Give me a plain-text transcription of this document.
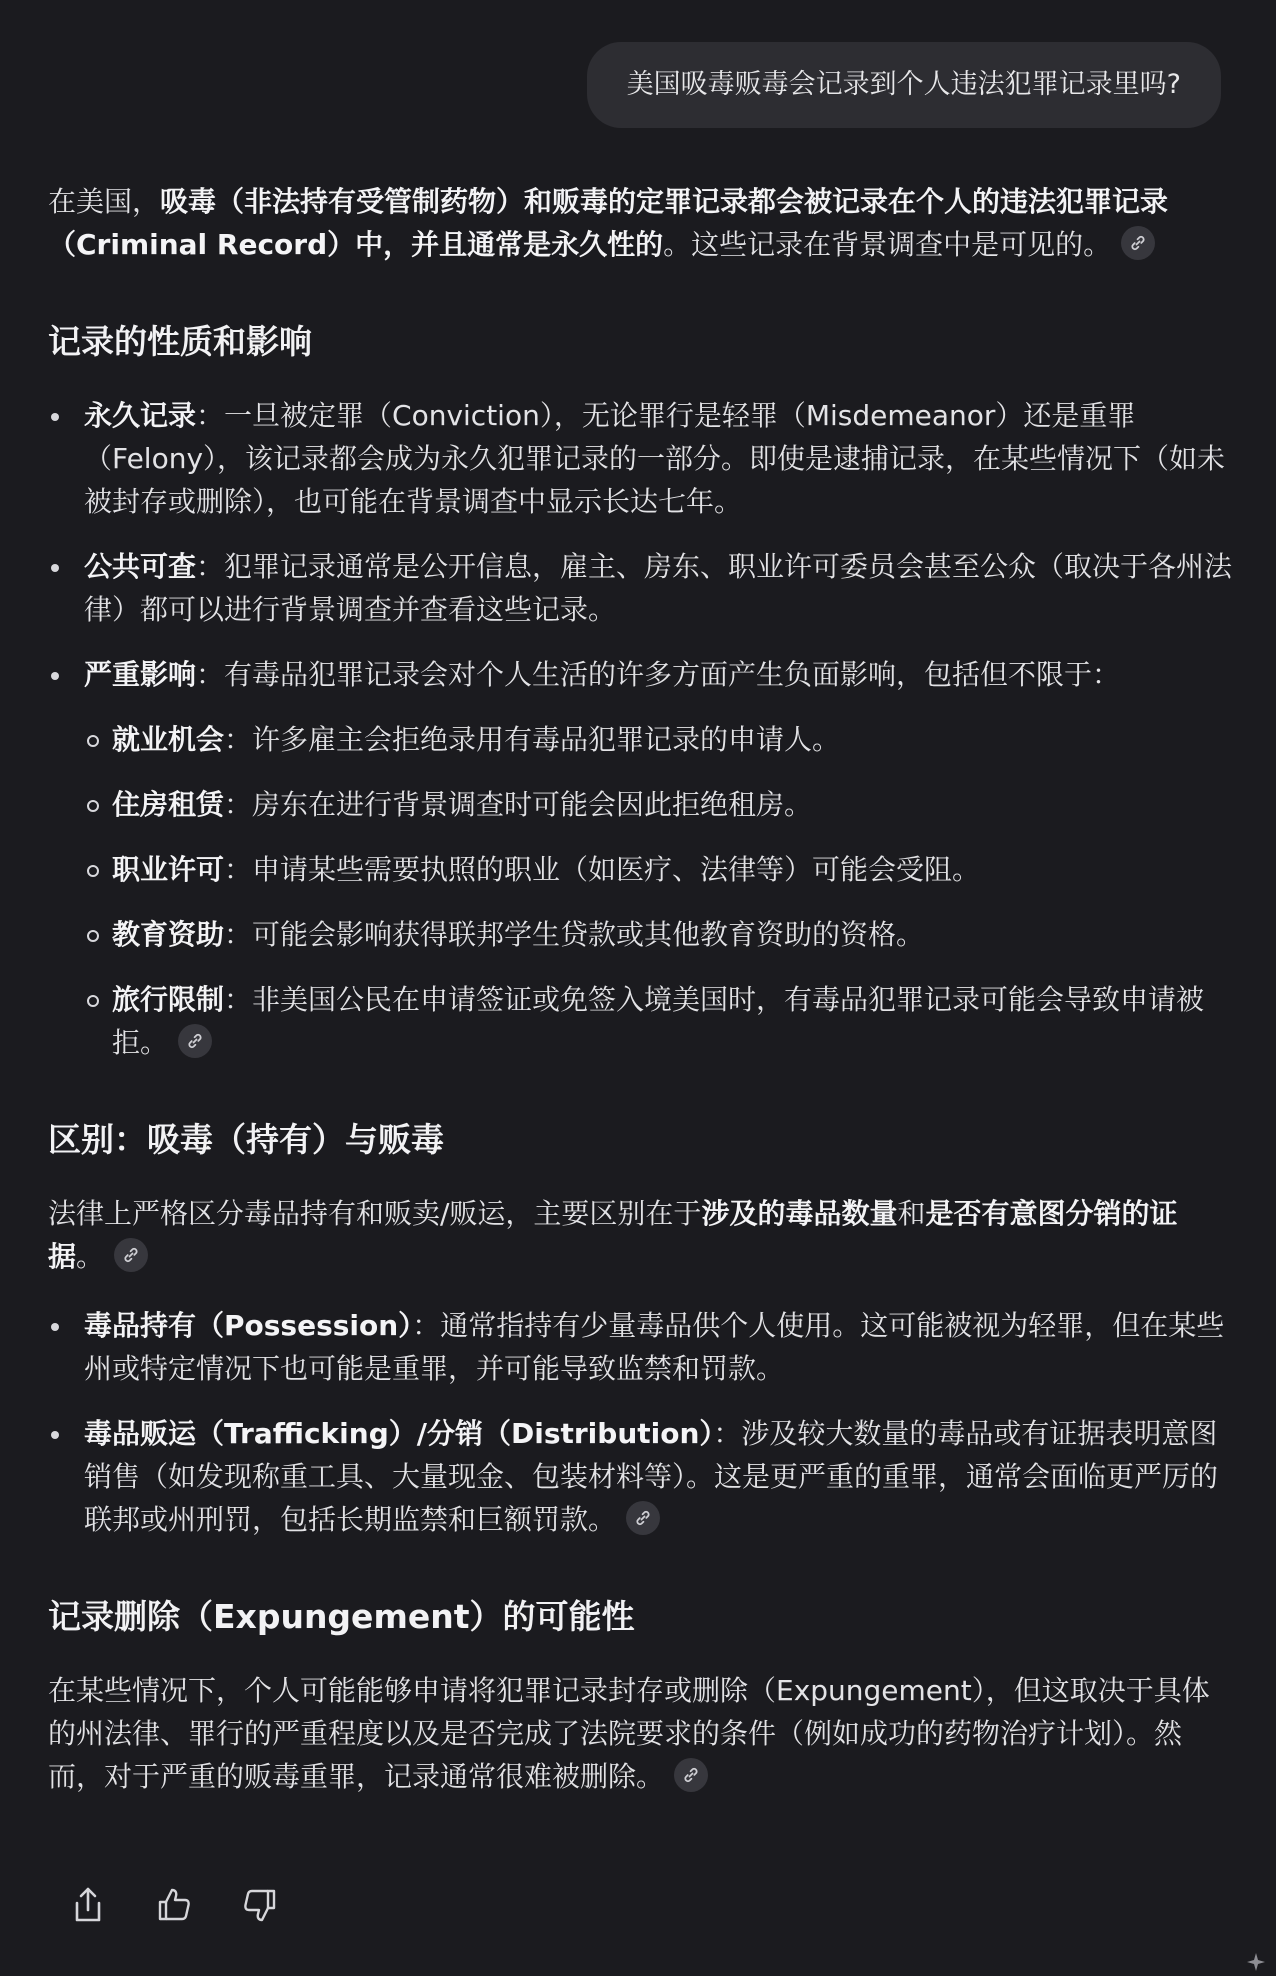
美国吸毒贩毒会记录到个人违法犯罪记录里吗?

在美国，吸毒（非法持有受管制药物）和贩毒的定罪记录都会被记录在个人的违法犯罪记录（Criminal Record）中，并且通常是永久性的。这些记录在背景调查中是可见的。

记录的性质和影响
永久记录：一旦被定罪（Conviction），无论罪行是轻罪（Misdemeanor）还是重罪（Felony），该记录都会成为永久犯罪记录的一部分。即使是逮捕记录，在某些情况下（如未被封存或删除），也可能在背景调查中显示长达七年。
公共可查：犯罪记录通常是公开信息，雇主、房东、职业许可委员会甚至公众（取决于各州法律）都可以进行背景调查并查看这些记录。
严重影响：有毒品犯罪记录会对个人生活的许多方面产生负面影响，包括但不限于：
就业机会：许多雇主会拒绝录用有毒品犯罪记录的申请人。
住房租赁：房东在进行背景调查时可能会因此拒绝租房。
职业许可：申请某些需要执照的职业（如医疗、法律等）可能会受阻。
教育资助：可能会影响获得联邦学生贷款或其他教育资助的资格。
旅行限制：非美国公民在申请签证或免签入境美国时，有毒品犯罪记录可能会导致申请被拒。
区别：吸毒（持有）与贩毒

法律上严格区分毒品持有和贩卖/贩运，主要区别在于涉及的毒品数量和是否有意图分销的证据。

毒品持有（Possession）：通常指持有少量毒品供个人使用。这可能被视为轻罪，但在某些州或特定情况下也可能是重罪，并可能导致监禁和罚款。
毒品贩运（Trafficking）/分销（Distribution）：涉及较大数量的毒品或有证据表明意图销售（如发现称重工具、大量现金、包装材料等）。这是更严重的重罪，通常会面临更严厉的联邦或州刑罚，包括长期监禁和巨额罚款。
记录删除（Expungement）的可能性

在某些情况下，个人可能能够申请将犯罪记录封存或删除（Expungement），但这取决于具体的州法律、罪行的严重程度以及是否完成了法院要求的条件（例如成功的药物治疗计划）。然而，对于严重的贩毒重罪，记录通常很难被删除。
